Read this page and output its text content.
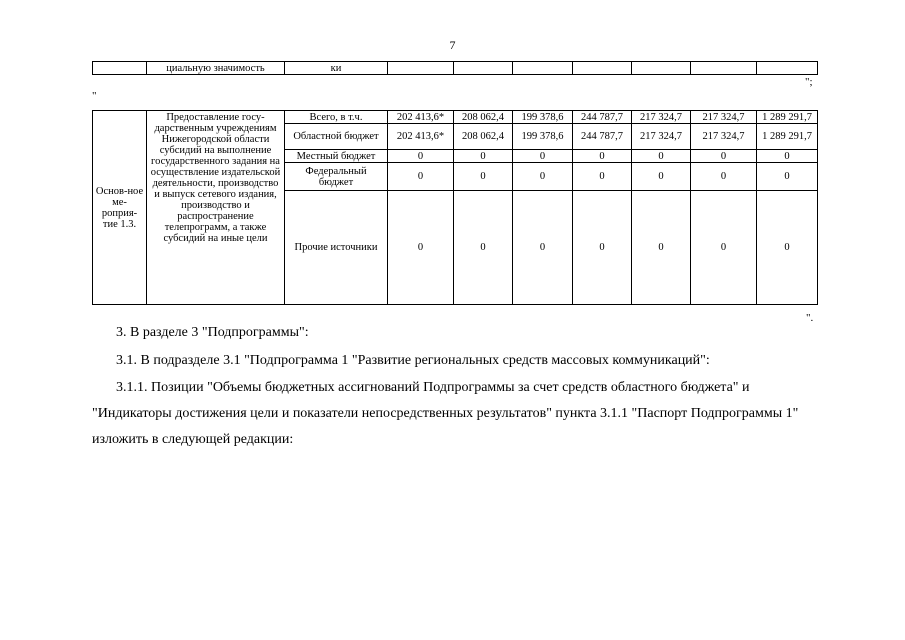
7
	циальную значимость	ки							
";
"
Основ-ное ме-роприя-тие 1.3.	Предоставление госу-дарственным учреждениям Нижегородской области субсидий на выполнение государственного задания на осуществление издательской деятельности, производство и выпуск сетевого издания, производство и распространение телепрограмм, а также субсидий на иные цели	Всего, в т.ч.	202 413,6*	208 062,4	199 378,6	244 787,7	217 324,7	217 324,7	1 289 291,7
		Областной бюджет	202 413,6*	208 062,4	199 378,6	244 787,7	217 324,7	217 324,7	1 289 291,7
		Местный бюджет	0	0	0	0	0	0	0
		Федеральный бюджет	0	0	0	0	0	0	0
		Прочие источники	0	0	0	0	0	0	0
".
3. В разделе 3 "Подпрограммы":
3.1. В подразделе 3.1 "Подпрограмма 1 "Развитие региональных средств массовых коммуникаций":
3.1.1. Позиции "Объемы бюджетных ассигнований Подпрограммы за счет средств областного бюджета" и "Индикаторы достижения цели и показатели непосредственных результатов" пункта 3.1.1 "Паспорт Подпрограммы 1" изложить в следующей редакции:
